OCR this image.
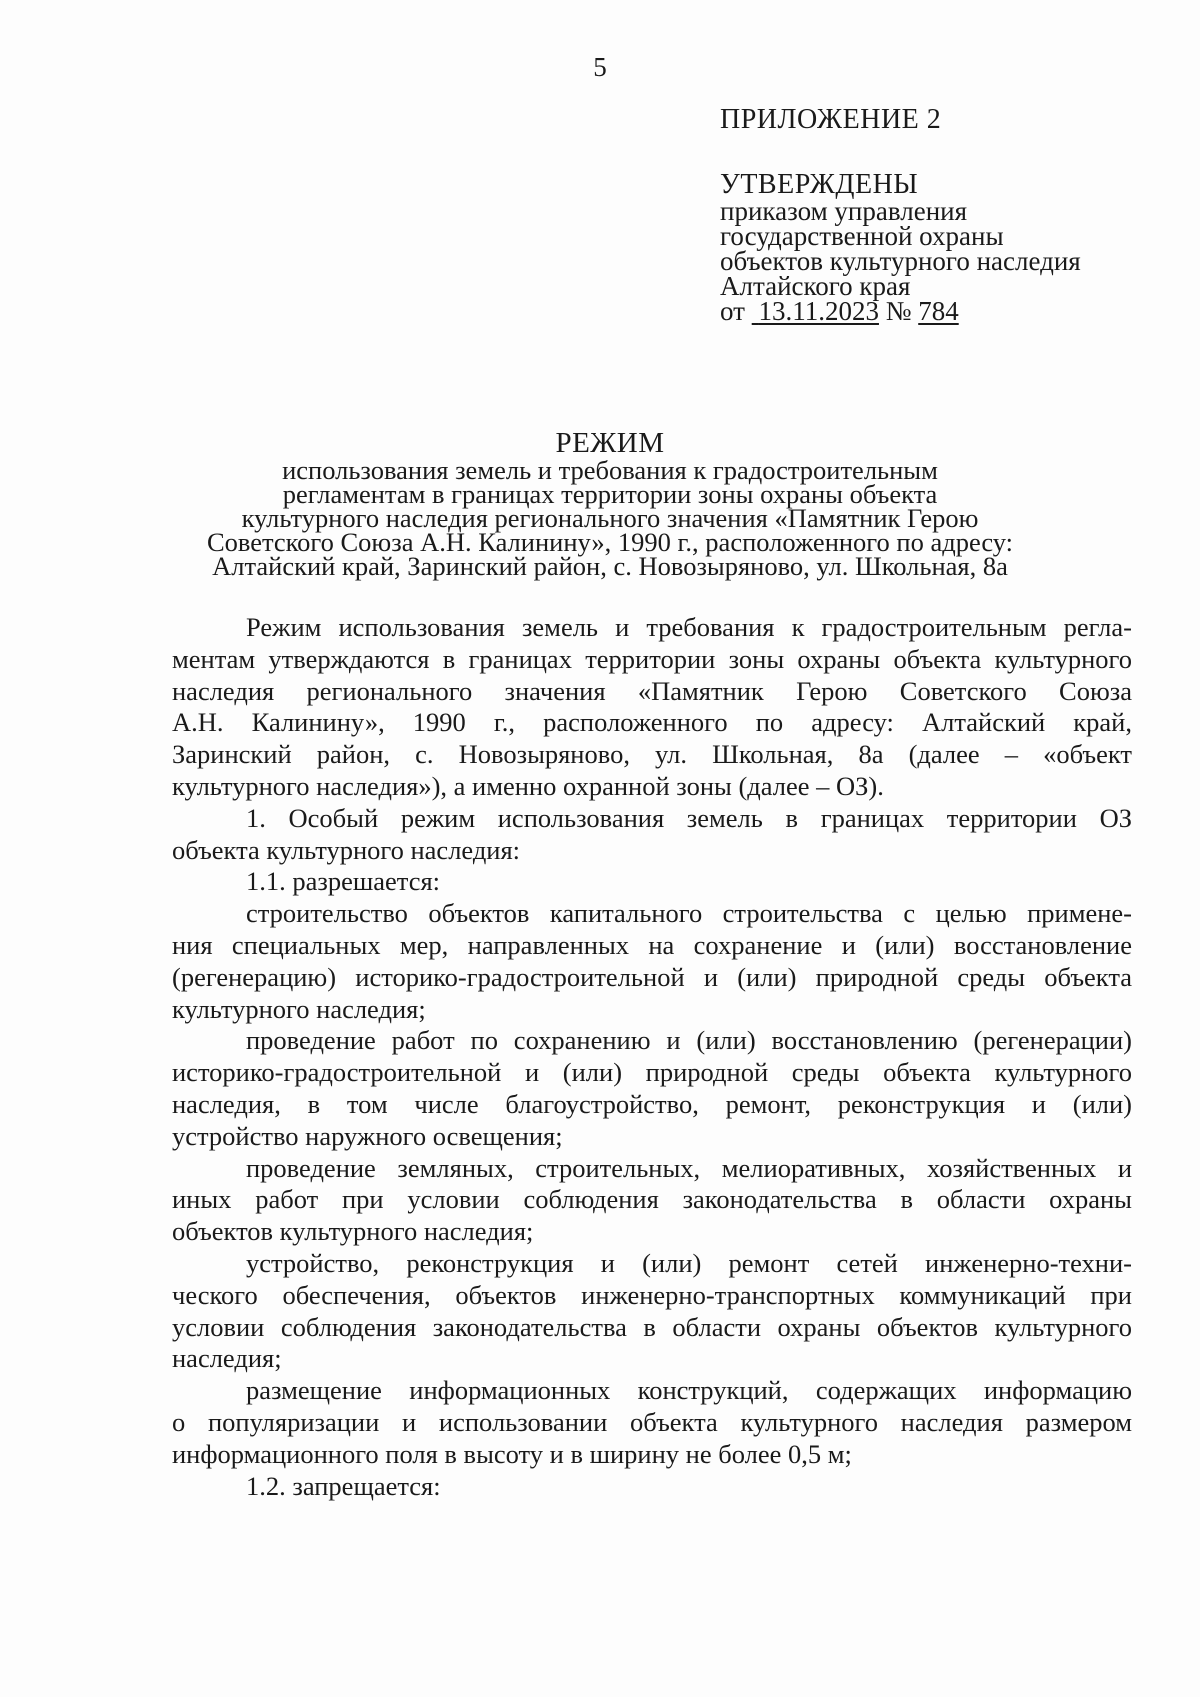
5
ПРИЛОЖЕНИЕ 2
УТВЕРЖДЕНЫ
приказом управления
государственной охраны
объектов культурного наследия
Алтайского края
от 13.11.2023 № 784
РЕЖИМ
использования земель и требования к градостроительным
регламентам в границах территории зоны охраны объекта
культурного наследия регионального значения «Памятник Герою
Советского Союза А.Н. Калинину», 1990 г., расположенного по адресу:
Алтайский край, Заринский район, с. Новозыряново, ул. Школьная, 8а
Режим использования земель и требования к градостроительным регла-
ментам утверждаются в границах территории зоны охраны объекта культурного
наследия регионального значения «Памятник Герою Советского Союза
А.Н. Калинину», 1990 г., расположенного по адресу: Алтайский край,
Заринский район, с. Новозыряново, ул. Школьная, 8а (далее – «объект
культурного наследия»), а именно охранной зоны (далее – ОЗ).
1. Особый режим использования земель в границах территории ОЗ
объекта культурного наследия:
1.1. разрешается:
строительство объектов капитального строительства с целью примене-
ния специальных мер, направленных на сохранение и (или) восстановление
(регенерацию) историко-градостроительной и (или) природной среды объекта
культурного наследия;
проведение работ по сохранению и (или) восстановлению (регенерации)
историко-градостроительной и (или) природной среды объекта культурного
наследия, в том числе благоустройство, ремонт, реконструкция и (или)
устройство наружного освещения;
проведение земляных, строительных, мелиоративных, хозяйственных и
иных работ при условии соблюдения законодательства в области охраны
объектов культурного наследия;
устройство, реконструкция и (или) ремонт сетей инженерно-техни-
ческого обеспечения, объектов инженерно-транспортных коммуникаций при
условии соблюдения законодательства в области охраны объектов культурного
наследия;
размещение информационных конструкций, содержащих информацию
о популяризации и использовании объекта культурного наследия размером
информационного поля в высоту и в ширину не более 0,5 м;
1.2. запрещается:
